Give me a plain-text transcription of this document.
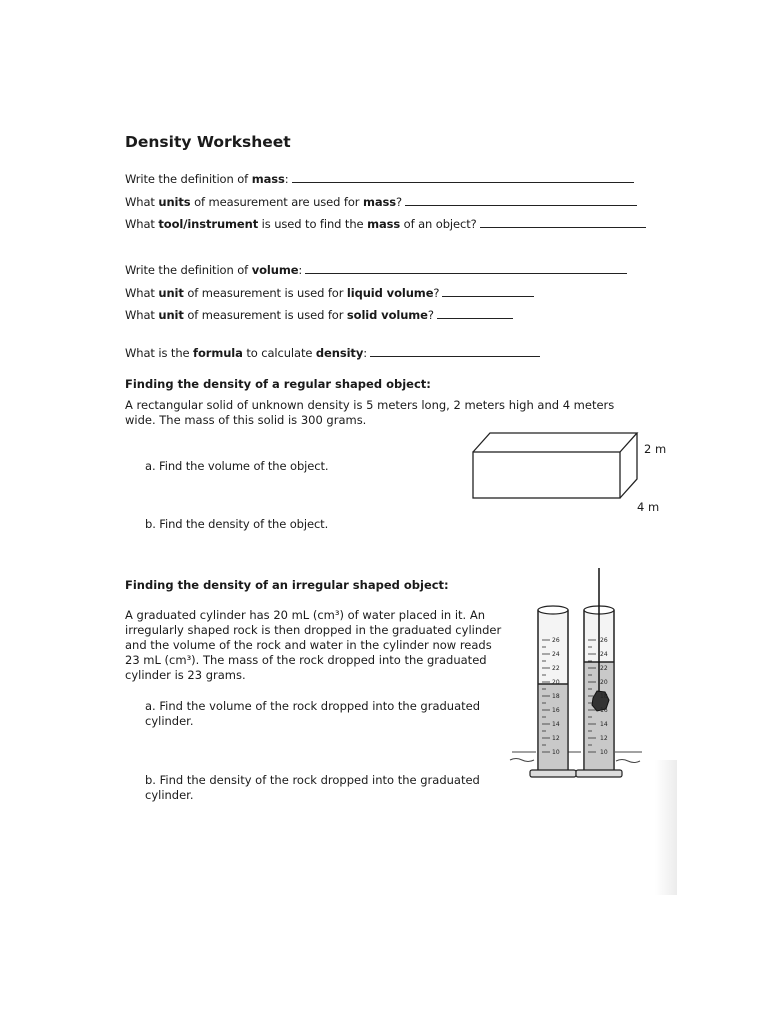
Density Worksheet
Write the definition of mass:
What units of measurement are used for mass?
What tool/instrument is used to find the mass of an object?
Write the definition of volume:
What unit of measurement is used for liquid volume?
What unit of measurement is used for solid volume?
What is the formula to calculate density:
Finding the density of a regular shaped object:
A rectangular solid of unknown density is 5 meters long, 2 meters high and 4 meters wide. The mass of this solid is 300 grams.
a. Find the volume of the object.
b. Find the density of the object.
2 m
4 m
Finding the density of an irregular shaped object:
A graduated cylinder has 20 mL (cm³) of water placed in it. An irregularly shaped rock is then dropped in the graduated cylinder and the volume of the rock and water in the cylinder now reads 23 mL (cm³). The mass of the rock dropped into the graduated cylinder is 23 grams.
a. Find the volume of the rock dropped into the graduated cylinder.
b. Find the density of the rock dropped into the graduated cylinder.
26
24
22
20
18
16
14
12
10
26
24
22
20
18
16
14
12
10
